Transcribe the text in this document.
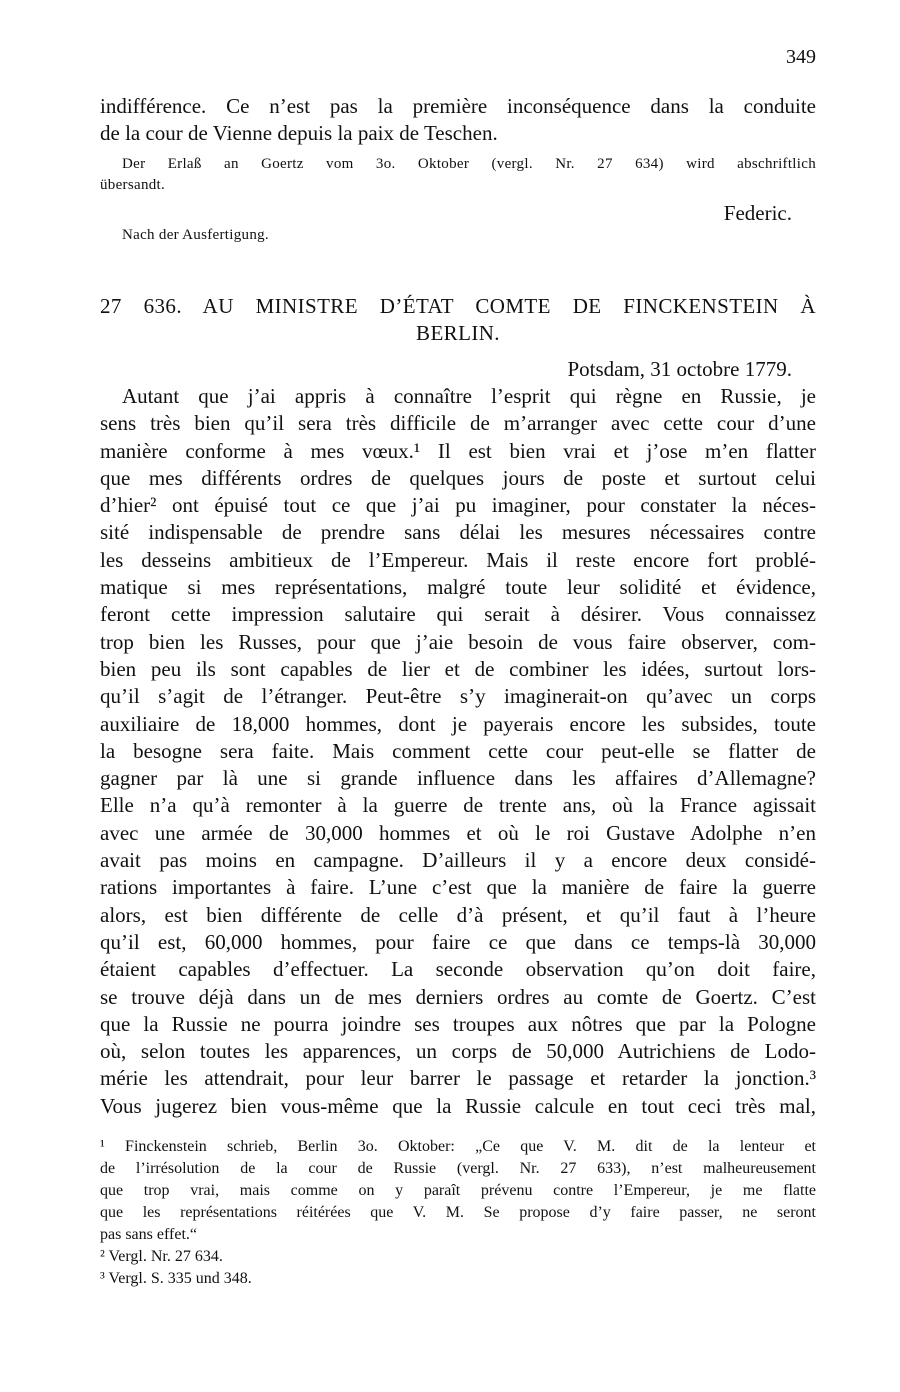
349
indifférence. Ce n’est pas la première inconséquence dans la conduite
de la cour de Vienne depuis la paix de Teschen.
Der Erlaß an Goertz vom 3o. Oktober (vergl. Nr. 27 634) wird abschriftlich
übersandt.
Federic.
Nach der Ausfertigung.
27 636. AU MINISTRE D’ÉTAT COMTE DE FINCKENSTEIN À
BERLIN.
Potsdam, 31 octobre 1779.
Autant que j’ai appris à connaître l’esprit qui règne en Russie, je
sens très bien qu’il sera très difficile de m’arranger avec cette cour d’une
manière conforme à mes vœux.¹ Il est bien vrai et j’ose m’en flatter
que mes différents ordres de quelques jours de poste et surtout celui
d’hier² ont épuisé tout ce que j’ai pu imaginer, pour constater la néces-
sité indispensable de prendre sans délai les mesures nécessaires contre
les desseins ambitieux de l’Empereur. Mais il reste encore fort problé-
matique si mes représentations, malgré toute leur solidité et évidence,
feront cette impression salutaire qui serait à désirer. Vous connaissez
trop bien les Russes, pour que j’aie besoin de vous faire observer, com-
bien peu ils sont capables de lier et de combiner les idées, surtout lors-
qu’il s’agit de l’étranger. Peut-être s’y imaginerait-on qu’avec un corps
auxiliaire de 18,000 hommes, dont je payerais encore les subsides, toute
la besogne sera faite. Mais comment cette cour peut-elle se flatter de
gagner par là une si grande influence dans les affaires d’Allemagne?
Elle n’a qu’à remonter à la guerre de trente ans, où la France agissait
avec une armée de 30,000 hommes et où le roi Gustave Adolphe n’en
avait pas moins en campagne. D’ailleurs il y a encore deux considé-
rations importantes à faire. L’une c’est que la manière de faire la guerre
alors, est bien différente de celle d’à présent, et qu’il faut à l’heure
qu’il est, 60,000 hommes, pour faire ce que dans ce temps-là 30,000
étaient capables d’effectuer. La seconde observation qu’on doit faire,
se trouve déjà dans un de mes derniers ordres au comte de Goertz. C’est
que la Russie ne pourra joindre ses troupes aux nôtres que par la Pologne
où, selon toutes les apparences, un corps de 50,000 Autrichiens de Lodo-
mérie les attendrait, pour leur barrer le passage et retarder la jonction.³
Vous jugerez bien vous-même que la Russie calcule en tout ceci très mal,
¹ Finckenstein schrieb, Berlin 3o. Oktober: „Ce que V. M. dit de la lenteur et
de l’irrésolution de la cour de Russie (vergl. Nr. 27 633), n’est malheureusement
que trop vrai, mais comme on y paraît prévenu contre l’Empereur, je me flatte
que les représentations réitérées que V. M. Se propose d’y faire passer, ne seront
pas sans effet.“
² Vergl. Nr. 27 634.
³ Vergl. S. 335 und 348.
